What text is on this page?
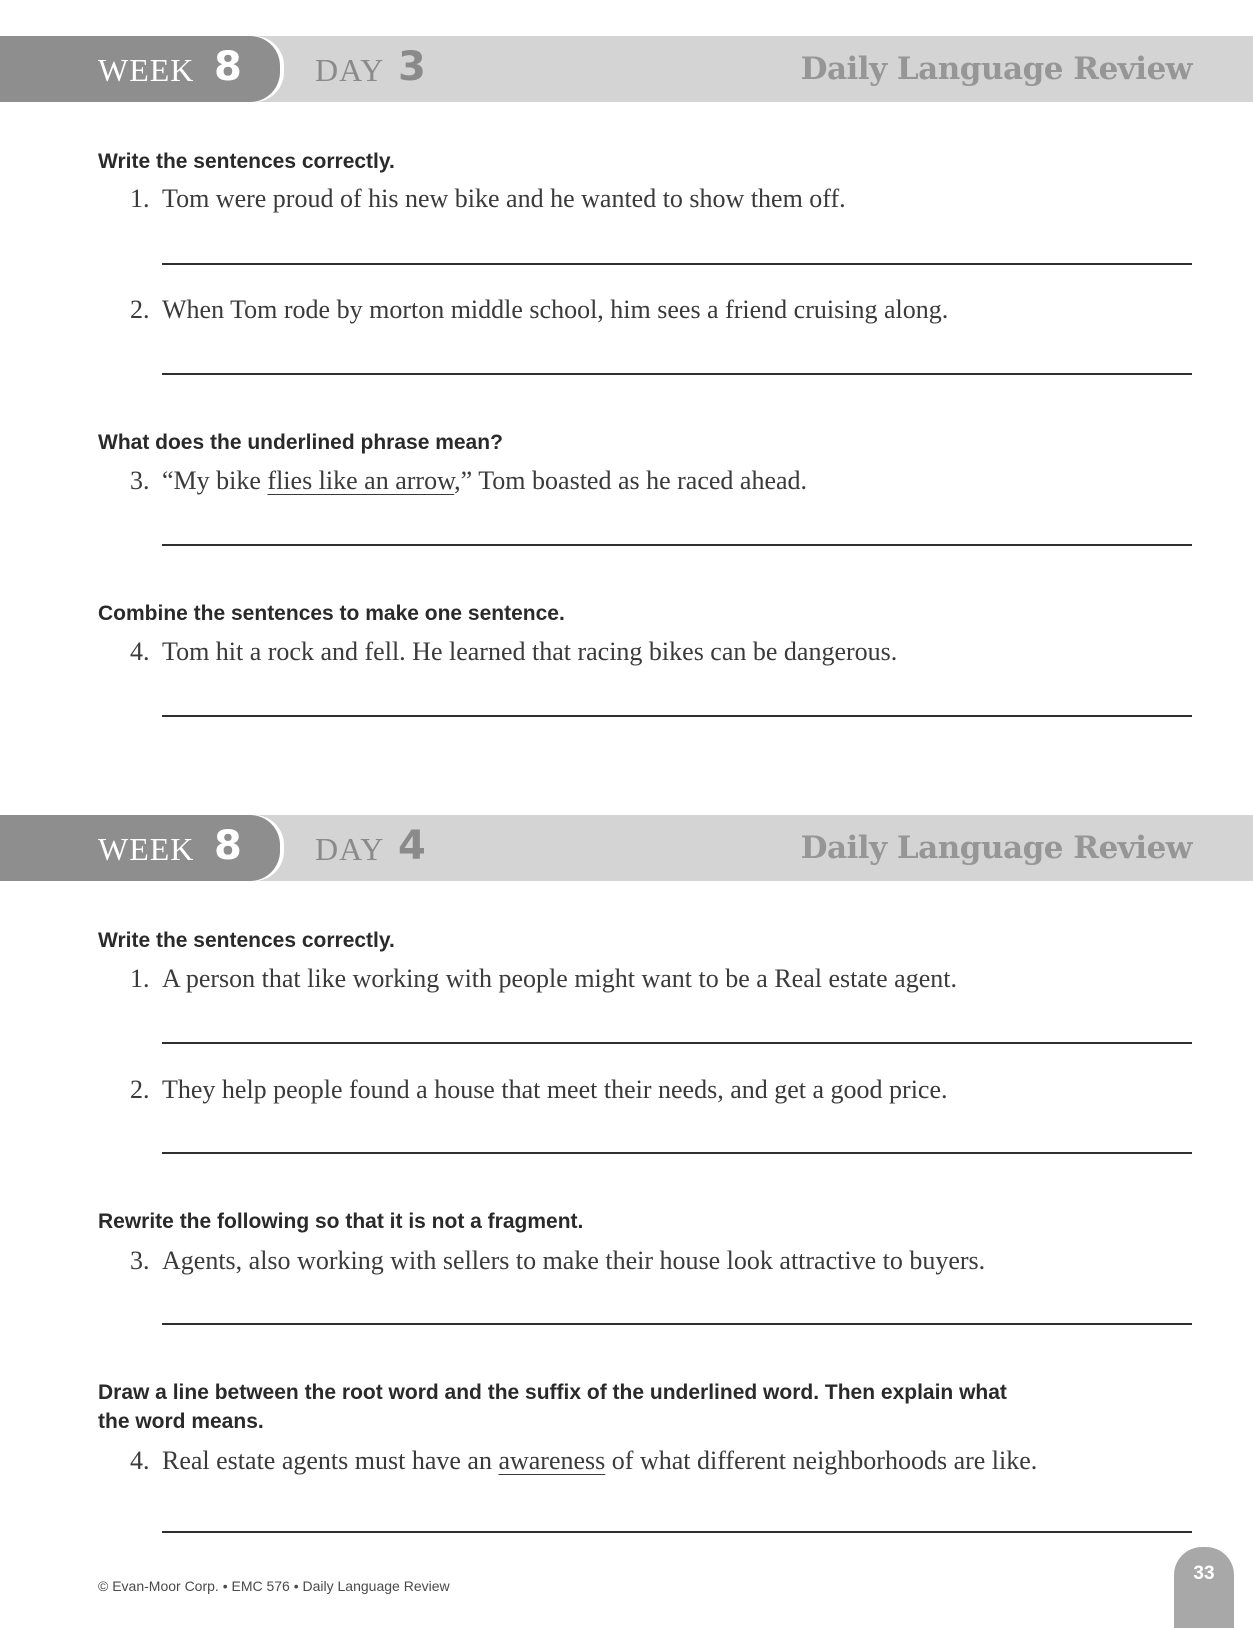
WEEK 8 DAY 3	Daily Language Review
Write the sentences correctly.
1. Tom were proud of his new bike and he wanted to show them off.
2. When Tom rode by morton middle school, him sees a friend cruising along.
What does the underlined phrase mean?
3. “My bike flies like an arrow,” Tom boasted as he raced ahead.
Combine the sentences to make one sentence.
4. Tom hit a rock and fell. He learned that racing bikes can be dangerous.
WEEK 8 DAY 4	Daily Language Review
Write the sentences correctly.
1. A person that like working with people might want to be a Real estate agent.
2. They help people found a house that meet their needs, and get a good price.
Rewrite the following so that it is not a fragment.
3. Agents, also working with sellers to make their house look attractive to buyers.
Draw a line between the root word and the suffix of the underlined word. Then explain what
the word means.
4. Real estate agents must have an awareness of what different neighborhoods are like.
© Evan-Moor Corp. • EMC 576 • Daily Language Review
33
